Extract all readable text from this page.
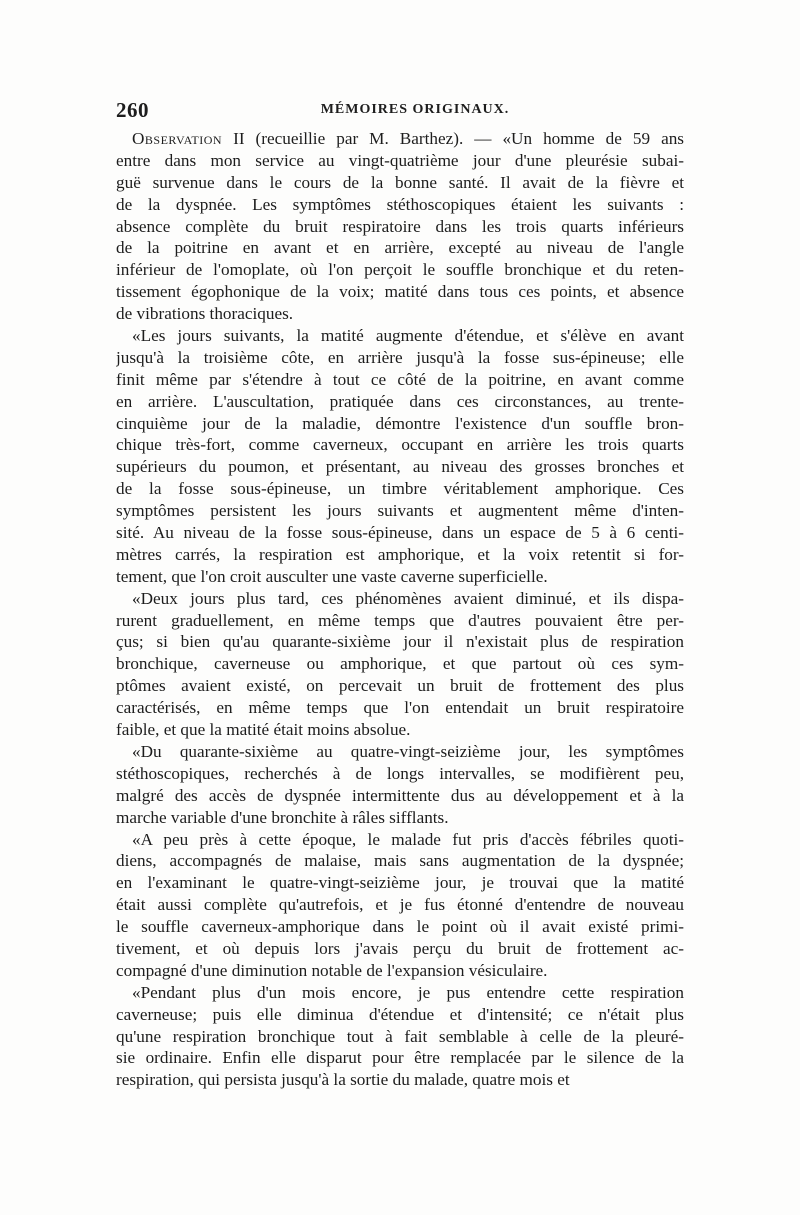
260	MÉMOIRES ORIGINAUX.
Observation II (recueillie par M. Barthez). — «Un homme de 59 ans
entre dans mon service au vingt-quatrième jour d'une pleurésie subai-
guë survenue dans le cours de la bonne santé. Il avait de la fièvre et
de la dyspnée. Les symptômes stéthoscopiques étaient les suivants :
absence complète du bruit respiratoire dans les trois quarts inférieurs
de la poitrine en avant et en arrière, excepté au niveau de l'angle
inférieur de l'omoplate, où l'on perçoit le souffle bronchique et du reten-
tissement égophonique de la voix; matité dans tous ces points, et absence
de vibrations thoraciques.
«Les jours suivants, la matité augmente d'étendue, et s'élève en avant
jusqu'à la troisième côte, en arrière jusqu'à la fosse sus-épineuse; elle
finit même par s'étendre à tout ce côté de la poitrine, en avant comme
en arrière. L'auscultation, pratiquée dans ces circonstances, au trente-
cinquième jour de la maladie, démontre l'existence d'un souffle bron-
chique très-fort, comme caverneux, occupant en arrière les trois quarts
supérieurs du poumon, et présentant, au niveau des grosses bronches et
de la fosse sous-épineuse, un timbre véritablement amphorique. Ces
symptômes persistent les jours suivants et augmentent même d'inten-
sité. Au niveau de la fosse sous-épineuse, dans un espace de 5 à 6 centi-
mètres carrés, la respiration est amphorique, et la voix retentit si for-
tement, que l'on croit ausculter une vaste caverne superficielle.
«Deux jours plus tard, ces phénomènes avaient diminué, et ils dispa-
rurent graduellement, en même temps que d'autres pouvaient être per-
çus; si bien qu'au quarante-sixième jour il n'existait plus de respiration
bronchique, caverneuse ou amphorique, et que partout où ces sym-
ptômes avaient existé, on percevait un bruit de frottement des plus
caractérisés, en même temps que l'on entendait un bruit respiratoire
faible, et que la matité était moins absolue.
«Du quarante-sixième au quatre-vingt-seizième jour, les symptômes
stéthoscopiques, recherchés à de longs intervalles, se modifièrent peu,
malgré des accès de dyspnée intermittente dus au développement et à la
marche variable d'une bronchite à râles sifflants.
«A peu près à cette époque, le malade fut pris d'accès fébriles quoti-
diens, accompagnés de malaise, mais sans augmentation de la dyspnée;
en l'examinant le quatre-vingt-seizième jour, je trouvai que la matité
était aussi complète qu'autrefois, et je fus étonné d'entendre de nouveau
le souffle caverneux-amphorique dans le point où il avait existé primi-
tivement, et où depuis lors j'avais perçu du bruit de frottement ac-
compagné d'une diminution notable de l'expansion vésiculaire.
«Pendant plus d'un mois encore, je pus entendre cette respiration
caverneuse; puis elle diminua d'étendue et d'intensité; ce n'était plus
qu'une respiration bronchique tout à fait semblable à celle de la pleuré-
sie ordinaire. Enfin elle disparut pour être remplacée par le silence de la
respiration, qui persista jusqu'à la sortie du malade, quatre mois et
